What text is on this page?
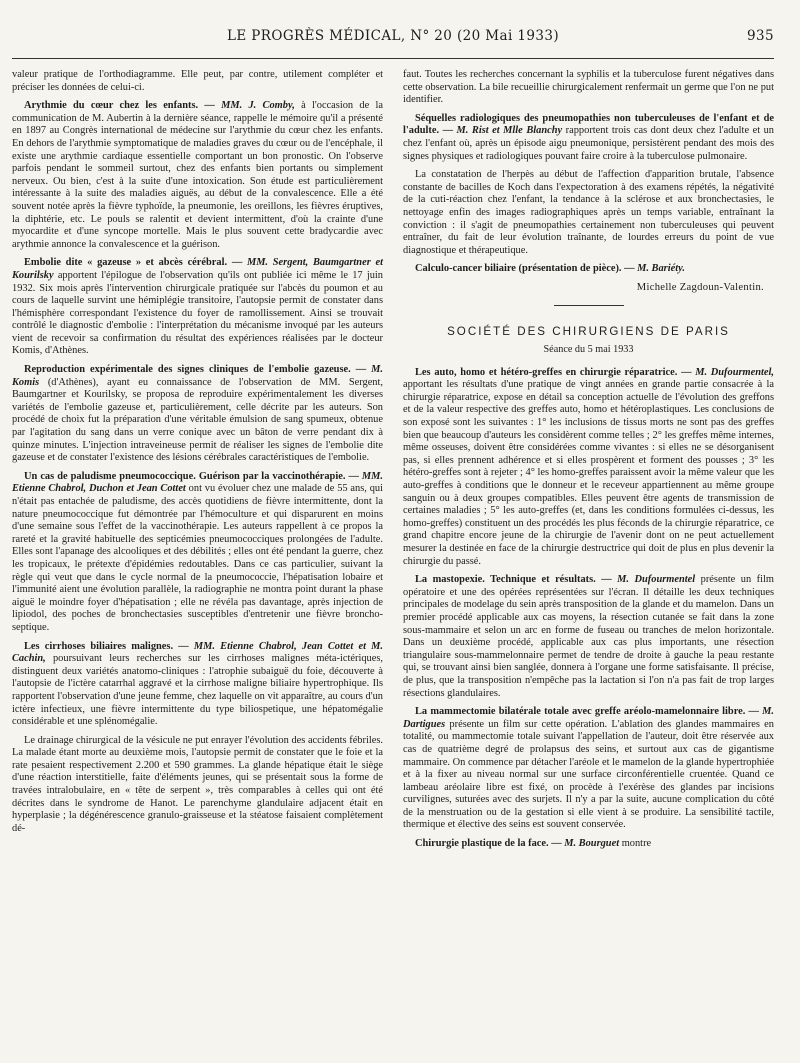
LE PROGRÈS MÉDICAL, N° 20 (20 Mai 1933)	935

valeur pratique de l'orthodiagramme. Elle peut, par contre, utilement compléter et préciser les données de celui-ci.

Arythmie du cœur chez les enfants. — MM. J. Comby, à l'occasion de la communication de M. Aubertin à la dernière séance, rappelle le mémoire qu'il a présenté en 1897 au Congrès international de médecine sur l'arythmie du cœur chez les enfants. En dehors de l'arythmie symptomatique de maladies graves du cœur ou de l'encéphale, il existe une arythmie cardiaque essentielle comportant un bon pronostic. On l'observe parfois pendant le sommeil surtout, chez des enfants bien portants ou simplement nerveux. Ou bien, c'est à la suite d'une intoxication. Son étude est particulièrement intéressante à la suite des maladies aiguës, au début de la convalescence. Elle a été souvent notée après la fièvre typhoïde, la pneumonie, les oreillons, les fièvres éruptives, la diphtérie, etc. Le pouls se ralentit et devient intermittent, d'où la crainte d'une myocardite et d'une syncope mortelle. Mais le plus souvent cette bradycardie avec arythmie annonce la convalescence et la guérison.

Embolie dite « gazeuse » et abcès cérébral. — MM. Sergent, Baumgartner et Kourilsky apportent l'épilogue de l'observation qu'ils ont publiée ici même le 17 juin 1932. Six mois après l'intervention chirurgicale pratiquée sur l'abcès du poumon et au cours de laquelle survint une hémiplégie transitoire, l'autopsie permit de constater dans l'hémisphère correspondant l'existence du foyer de ramollissement. Ainsi se trouvait contrôlé le diagnostic d'embolie : l'interprétation du mécanisme invoqué par les auteurs vient de recevoir sa confirmation du résultat des expériences réalisées par le docteur Komis, d'Athènes.

Reproduction expérimentale des signes cliniques de l'embolie gazeuse. — M. Komis (d'Athènes), ayant eu connaissance de l'observation de MM. Sergent, Baumgartner et Kourilsky, se proposa de reproduire expérimentalement les diverses variétés de l'embolie gazeuse et, particulièrement, celle décrite par les auteurs. Son procédé de choix fut la préparation d'une véritable émulsion de sang spumeux, obtenue par l'agitation du sang dans un verre conique avec un bâton de verre pendant dix à quinze minutes. L'injection intraveineuse permit de réaliser les signes de l'embolie dite gazeuse et de constater l'existence des lésions cérébrales caractéristiques de l'embolie.

Un cas de paludisme pneumococcique. Guérison par la vaccinothérapie. — MM. Etienne Chabrol, Duchon et Jean Cottet ont vu évoluer chez une malade de 55 ans, qui n'était pas entachée de paludisme, des accès quotidiens de fièvre intermittente, dont la nature pneumococcique fut démontrée par l'hémoculture et qui disparurent en moins d'une semaine sous l'effet de la vaccinothérapie. Les auteurs rappellent à ce propos la rareté et la gravité habituelle des septicémies pneumococciques prolongées de l'adulte. Elles sont l'apanage des alcooliques et des débilités ; elles ont été pendant la guerre, chez les tropicaux, le prétexte d'épidémies redoutables. Dans ce cas particulier, suivant la règle qui veut que dans le cycle normal de la pneumococcie, l'hépatisation lobaire et l'immunité aient une évolution parallèle, la radiographie ne montra point durant la phase aiguë le moindre foyer d'hépatisation ; elle ne révéla pas davantage, après injection de lipiodol, des poches de bronchectasies susceptibles d'entretenir une fièvre broncho-septique.

Les cirrhoses biliaires malignes. — MM. Etienne Chabrol, Jean Cottet et M. Cachin, poursuivant leurs recherches sur les cirrhoses malignes méta-ictériques, distinguent deux variétés anatomo-cliniques : l'atrophie subaiguë du foie, découverte à l'autopsie de l'ictère catarrhal aggravé et la cirrhose maligne biliaire hypertrophique. Ils rapportent l'observation d'une jeune femme, chez laquelle on vit apparaître, au cours d'un ictère infectieux, une fièvre intermittente du type biliospetique, une hépatomégalie considérable et une splénomégalie.

Le drainage chirurgical de la vésicule ne put enrayer l'évolution des accidents fébriles. La malade étant morte au deuxième mois, l'autopsie permit de constater que le foie et la rate pesaient respectivement 2.200 et 590 grammes. La glande hépatique était le siège d'une réaction interstitielle, faite d'éléments jeunes, qui se présentait sous la forme de travées intralobulaire, en « tête de serpent », très comparables à celles qui ont été décrites dans le syndrome de Hanot. Le parenchyme glandulaire adjacent était en hyperplasie ; la dégénérescence granulo-graisseuse et la stéatose faisaient complètement dé-

faut. Toutes les recherches concernant la syphilis et la tuberculose furent négatives dans cette observation. La bile recueillie chirurgicalement renfermait un germe que l'on ne put identifier.

Séquelles radiologiques des pneumopathies non tuberculeuses de l'enfant et de l'adulte. — M. Rist et Mlle Blanchy rapportent trois cas dont deux chez l'adulte et un chez l'enfant où, après un épisode aigu pneumonique, persistèrent pendant des mois des signes physiques et radiologiques pouvant faire croire à la tuberculose pulmonaire.

La constatation de l'herpès au début de l'affection d'apparition brutale, l'absence constante de bacilles de Koch dans l'expectoration à des examens répétés, la négativité de la cuti-réaction chez l'enfant, la tendance à la sclérose et aux bronchectasies, le nettoyage enfin des images radiographiques après un temps variable, entraînant la conviction : il s'agit de pneumopathies certainement non tuberculeuses qui peuvent entraîner, du fait de leur évolution traînante, de lourdes erreurs du point de vue diagnostique et thérapeutique.

Calculo-cancer biliaire (présentation de pièce). — M. Bariéty.

Michelle Zagdoun-Valentin.
SOCIÉTÉ DES CHIRURGIENS DE PARIS
Séance du 5 mai 1933

Les auto, homo et hétéro-greffes en chirurgie réparatrice. — M. Dufourmentel, apportant les résultats d'une pratique de vingt années en grande partie consacrée à la chirurgie réparatrice, expose en détail sa conception actuelle de l'évolution des greffons et de la valeur respective des greffes auto, homo et hétéroplastiques. Les conclusions de son exposé sont les suivantes : 1° les inclusions de tissus morts ne sont pas des greffes bien que beaucoup d'auteurs les considèrent comme telles ; 2° les greffes même internes, même osseuses, doivent être considérées comme vivantes : si elles ne se désorganisent pas, si elles prennent adhérence et si elles prospèrent et forment des pousses ; 3° les hétéro-greffes sont à rejeter ; 4° les homo-greffes paraissent avoir la même valeur que les auto-greffes à conditions que le donneur et le receveur appartiennent au même groupe sanguin ou à deux groupes compatibles. Elles peuvent être agents de transmission de certaines maladies ; 5° les auto-greffes (et, dans les conditions formulées ci-dessus, les homo-greffes) constituent un des procédés les plus féconds de la chirurgie réparatrice, ce grand chapitre encore jeune de la chirurgie de l'avenir dont on ne peut actuellement mesurer la destinée en face de la chirurgie destructrice qui doit de plus en plus devenir la chirurgie du passé.

La mastopexie. Technique et résultats. — M. Dufourmentel présente un film opératoire et une des opérées représentées sur l'écran. Il détaille les deux techniques principales de modelage du sein après transposition de la glande et du mamelon. Dans un premier procédé applicable aux cas moyens, la résection cutanée se fait dans la zone sous-mammaire et selon un arc en forme de fuseau ou tranches de melon horizontale. Dans un deuxième procédé, applicable aux cas plus importants, une résection triangulaire sous-mammelonnaire permet de tendre de droite à gauche la peau restante qui, se trouvant ainsi bien sanglée, donnera à l'organe une forme satisfaisante. Il précise, de plus, que la transposition n'empêche pas la lactation si l'on n'a pas fait de trop larges résections glandulaires.

La mammectomie bilatérale totale avec greffe aréolo-mamelonnaire libre. — M. Dartigues présente un film sur cette opération. L'ablation des glandes mammaires en totalité, ou mammectomie totale suivant l'appellation de l'auteur, doit être réservée aux cas de quatrième degré de prolapsus des seins, et surtout aux cas de gigantisme mammaire. On commence par détacher l'aréole et le mamelon de la glande hypertrophiée et à la fixer au niveau normal sur une surface circonférentielle cruentée. Quand ce lambeau aréolaire libre est fixé, on procède à l'exérèse des glandes par incisions curvilignes, suturées avec des surjets. Il n'y a par la suite, aucune complication du côté de la menstruation ou de la gestation si elle vient à se produire. La sensibilité tactile, thermique et élective des seins est souvent conservée.

Chirurgie plastique de la face. — M. Bourguet montre
